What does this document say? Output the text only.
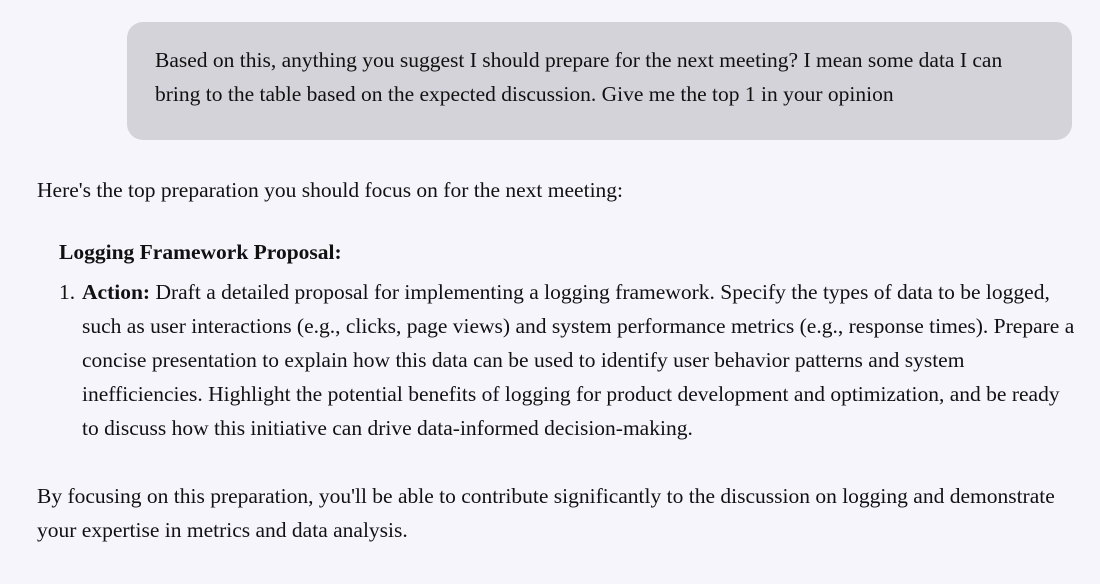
Based on this, anything you suggest I should prepare for the next meeting? I mean some data I can bring to the table based on the expected discussion. Give me the top 1 in your opinion

Here's the top preparation you should focus on for the next meeting:

Logging Framework Proposal:
1. Action: Draft a detailed proposal for implementing a logging framework. Specify the types of data to be logged, such as user interactions (e.g., clicks, page views) and system performance metrics (e.g., response times). Prepare a concise presentation to explain how this data can be used to identify user behavior patterns and system inefficiencies. Highlight the potential benefits of logging for product development and optimization, and be ready to discuss how this initiative can drive data-informed decision-making.

By focusing on this preparation, you'll be able to contribute significantly to the discussion on logging and demonstrate your expertise in metrics and data analysis.
